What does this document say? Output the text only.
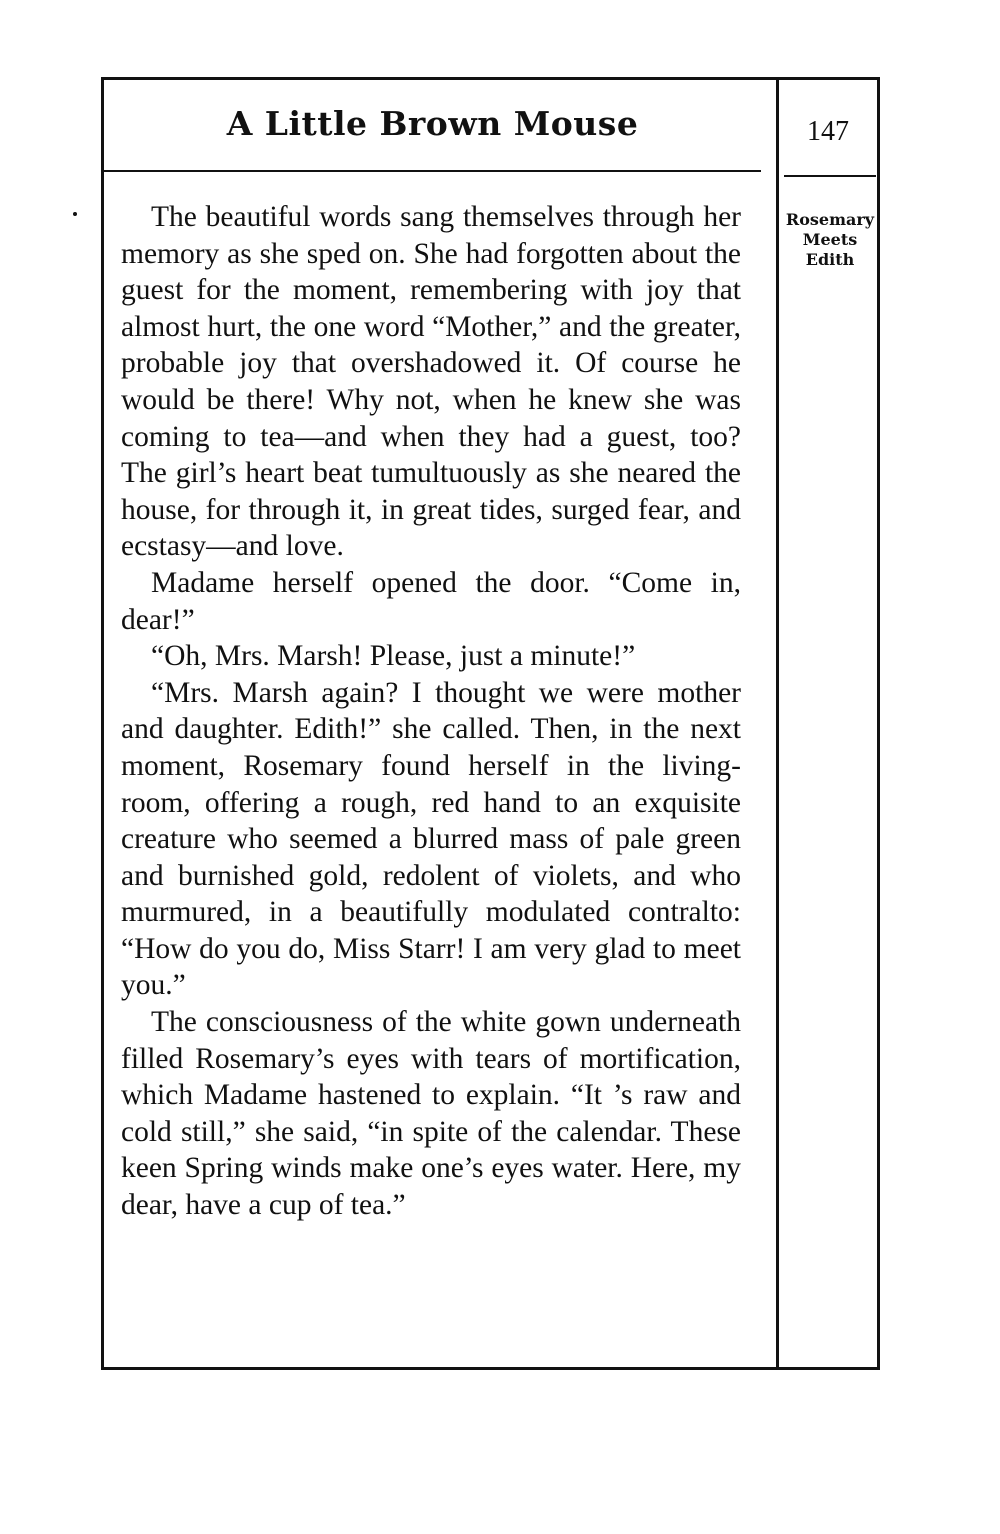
A Little Brown Mouse	147
Rosemary
Meets
Edith

The beautiful words sang themselves through her memory as she sped on. She had forgotten about the guest for the moment, remembering with joy that almost hurt, the one word “Mother,” and the greater, probable joy that overshadowed it. Of course he would be there! Why not, when he knew she was coming to tea—and when they had a guest, too? The girl’s heart beat tumultuously as she neared the house, for through it, in great tides, surged fear, and ecstasy—and love.

Madame herself opened the door. “Come in, dear!”

“Oh, Mrs. Marsh! Please, just a minute!”

“Mrs. Marsh again? I thought we were mother and daughter. Edith!” she called. Then, in the next moment, Rosemary found herself in the living-room, offering a rough, red hand to an exquisite creature who seemed a blurred mass of pale green and burnished gold, redolent of violets, and who murmured, in a beautifully modulated contralto: “How do you do, Miss Starr! I am very glad to meet you.”

The consciousness of the white gown underneath filled Rosemary’s eyes with tears of mortification, which Madame hastened to explain. “It ’s raw and cold still,” she said, “in spite of the calendar. These keen Spring winds make one’s eyes water. Here, my dear, have a cup of tea.”
